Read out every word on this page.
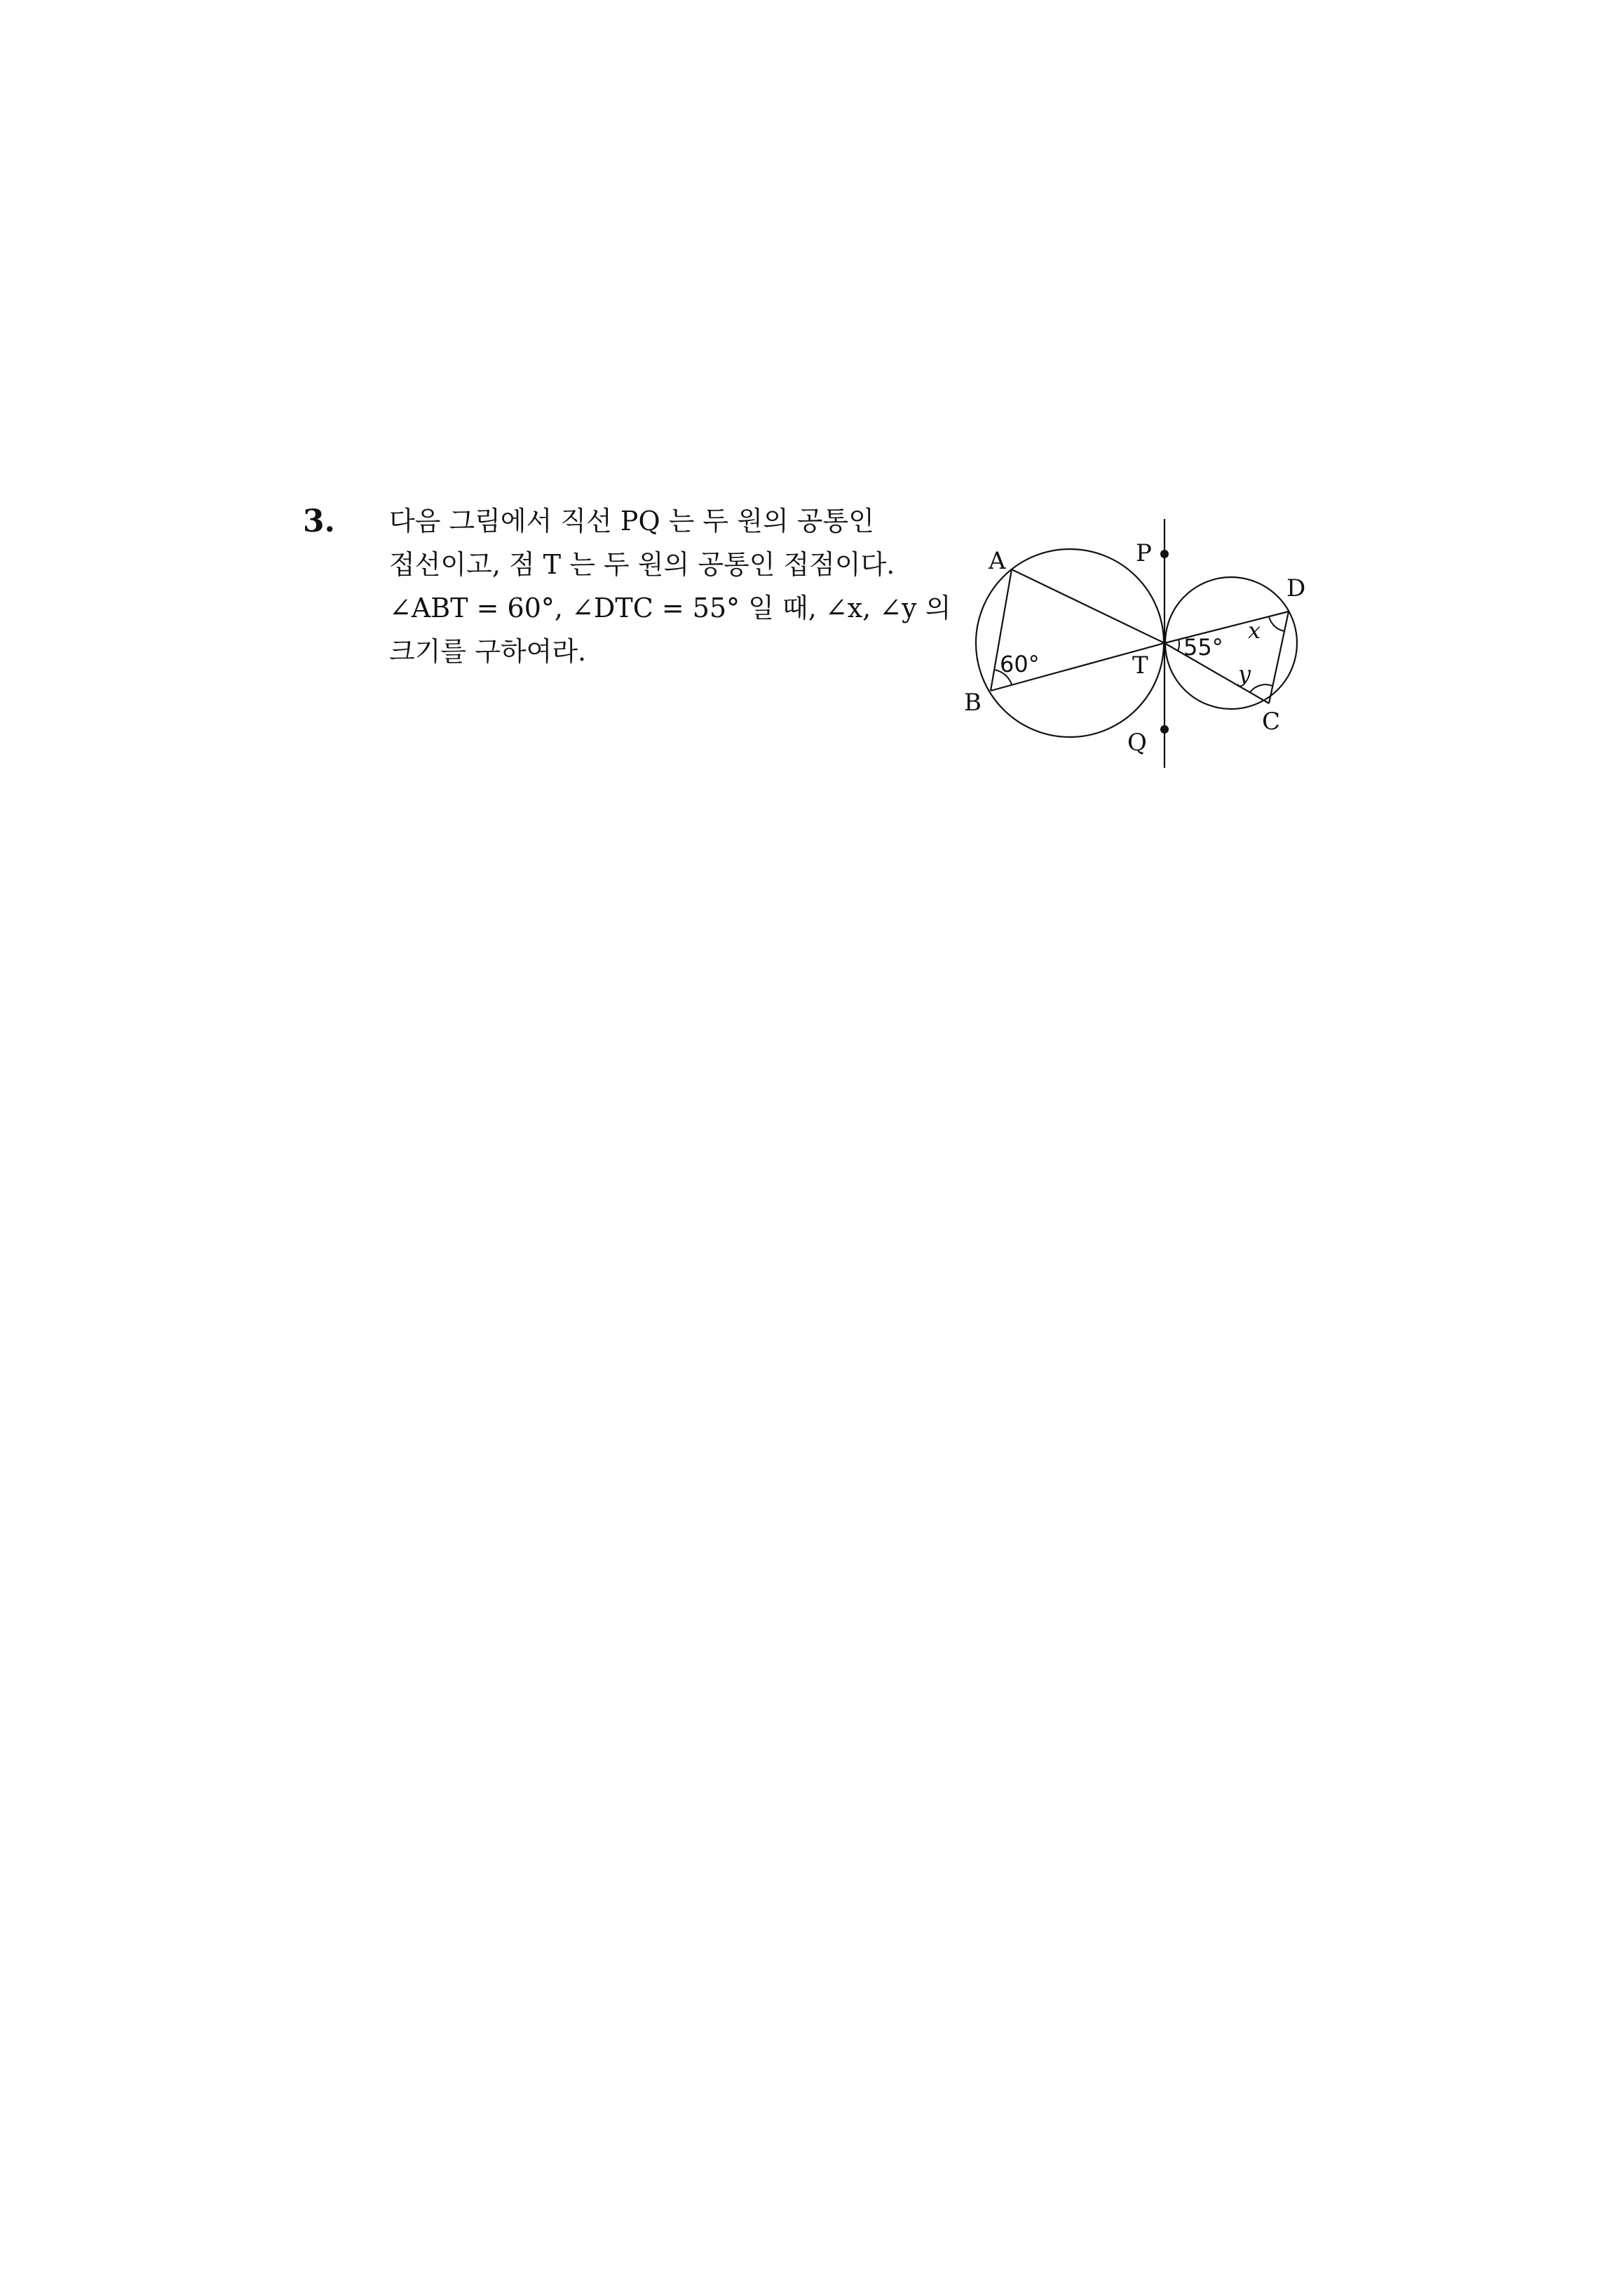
3. 다음 그림에서 직선 PQ 는 두 원의 공통인
접선이고, 점 T 는 두 원의 공통인 접점이다.
∠ABT = 60°, ∠DTC = 55° 일 때, ∠x, ∠y 의
크기를 구하여라.
A
B
C
D
P
Q
T
60°
55°
x
y
